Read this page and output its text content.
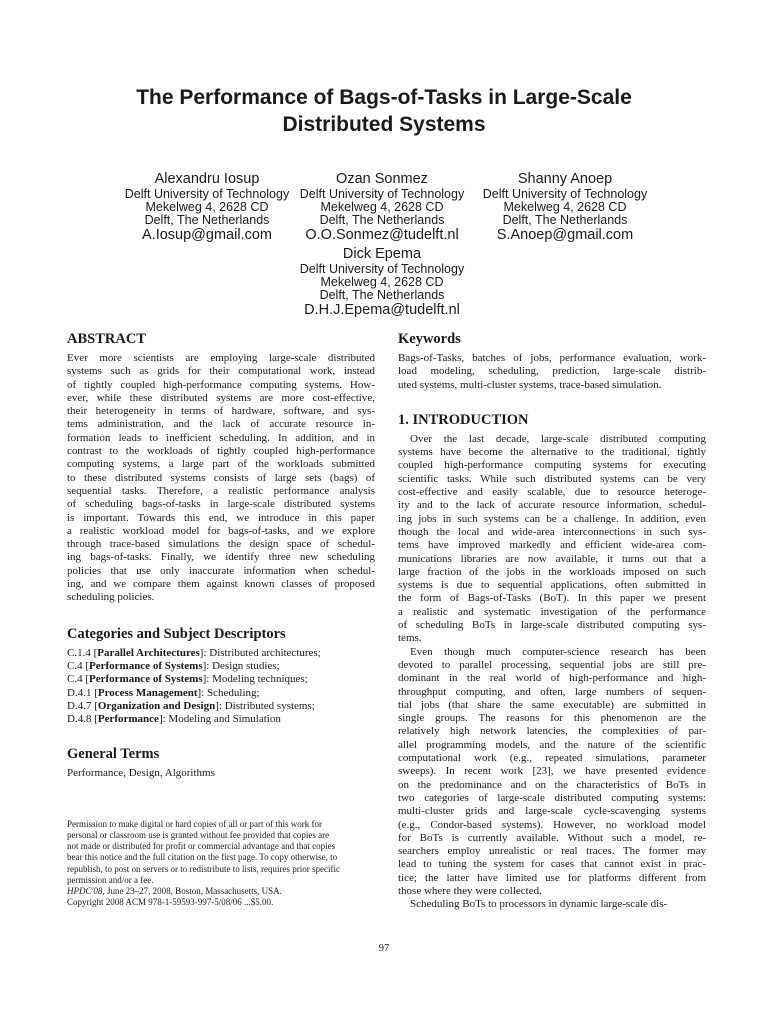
The Performance of Bags-of-Tasks in Large-Scale
Distributed Systems
Alexandru Iosup
Delft University of Technology
Mekelweg 4, 2628 CD
Delft, The Netherlands
A.Iosup@gmail.com
Ozan Sonmez
Delft University of Technology
Mekelweg 4, 2628 CD
Delft, The Netherlands
O.O.Sonmez@tudelft.nl
Shanny Anoep
Delft University of Technology
Mekelweg 4, 2628 CD
Delft, The Netherlands
S.Anoep@gmail.com
Dick Epema
Delft University of Technology
Mekelweg 4, 2628 CD
Delft, The Netherlands
D.H.J.Epema@tudelft.nl
ABSTRACT
Ever more scientists are employing large-scale distributed
systems such as grids for their computational work, instead
of tightly coupled high-performance computing systems. How-
ever, while these distributed systems are more cost-effective,
their heterogeneity in terms of hardware, software, and sys-
tems administration, and the lack of accurate resource in-
formation leads to inefficient scheduling. In addition, and in
contrast to the workloads of tightly coupled high-performance
computing systems, a large part of the workloads submitted
to these distributed systems consists of large sets (bags) of
sequential tasks. Therefore, a realistic performance analysis
of scheduling bags-of-tasks in large-scale distributed systems
is important. Towards this end, we introduce in this paper
a realistic workload model for bags-of-tasks, and we explore
through trace-based simulations the design space of schedul-
ing bags-of-tasks. Finally, we identify three new scheduling
policies that use only inaccurate information when schedul-
ing, and we compare them against known classes of proposed
scheduling policies.
Categories and Subject Descriptors
C.1.4 [Parallel Architectures]: Distributed architectures;
C.4 [Performance of Systems]: Design studies;
C.4 [Performance of Systems]: Modeling techniques;
D.4.1 [Process Management]: Scheduling;
D.4.7 [Organization and Design]: Distributed systems;
D.4.8 [Performance]: Modeling and Simulation
General Terms
Performance, Design, Algorithms
Permission to make digital or hard copies of all or part of this work for
personal or classroom use is granted without fee provided that copies are
not made or distributed for profit or commercial advantage and that copies
bear this notice and the full citation on the first page. To copy otherwise, to
republish, to post on servers or to redistribute to lists, requires prior specific
permission and/or a fee.
HPDC'08, June 23–27, 2008, Boston, Massachusetts, USA.
Copyright 2008 ACM 978-1-59593-997-5/08/06 ...$5.00.
Keywords
Bags-of-Tasks, batches of jobs, performance evaluation, work-
load modeling, scheduling, prediction, large-scale distrib-
uted systems, multi-cluster systems, trace-based simulation.
1. INTRODUCTION
Over the last decade, large-scale distributed computing
systems have become the alternative to the traditional, tightly
coupled high-performance computing systems for executing
scientific tasks. While such distributed systems can be very
cost-effective and easily scalable, due to resource heteroge-
ity and to the lack of accurate resource information, schedul-
ing jobs in such systems can be a challenge. In addition, even
though the local and wide-area interconnections in such sys-
tems have improved markedly and efficient wide-area com-
munications libraries are now available, it turns out that a
large fraction of the jobs in the workloads imposed on such
systems is due to sequential applications, often submitted in
the form of Bags-of-Tasks (BoT). In this paper we present
a realistic and systematic investigation of the performance
of scheduling BoTs in large-scale distributed computing sys-
tems.
Even though much computer-science research has been
devoted to parallel processing, sequential jobs are still pre-
dominant in the real world of high-performance and high-
throughput computing, and often, large numbers of sequen-
tial jobs (that share the same executable) are submitted in
single groups. The reasons for this phenomenon are the
relatively high network latencies, the complexities of par-
allel programming models, and the nature of the scientific
computational work (e.g., repeated simulations, parameter
sweeps). In recent work [23], we have presented evidence
on the predominance and on the characteristics of BoTs in
two categories of large-scale distributed computing systems:
multi-cluster grids and large-scale cycle-scavenging systems
(e.g., Condor-based systems). However, no workload model
for BoTs is currently available. Without such a model, re-
searchers employ unrealistic or real traces. The former may
lead to tuning the system for cases that cannot exist in prac-
tice; the latter have limited use for platforms different from
those where they were collected.
Scheduling BoTs to processors in dynamic large-scale dis-
97
